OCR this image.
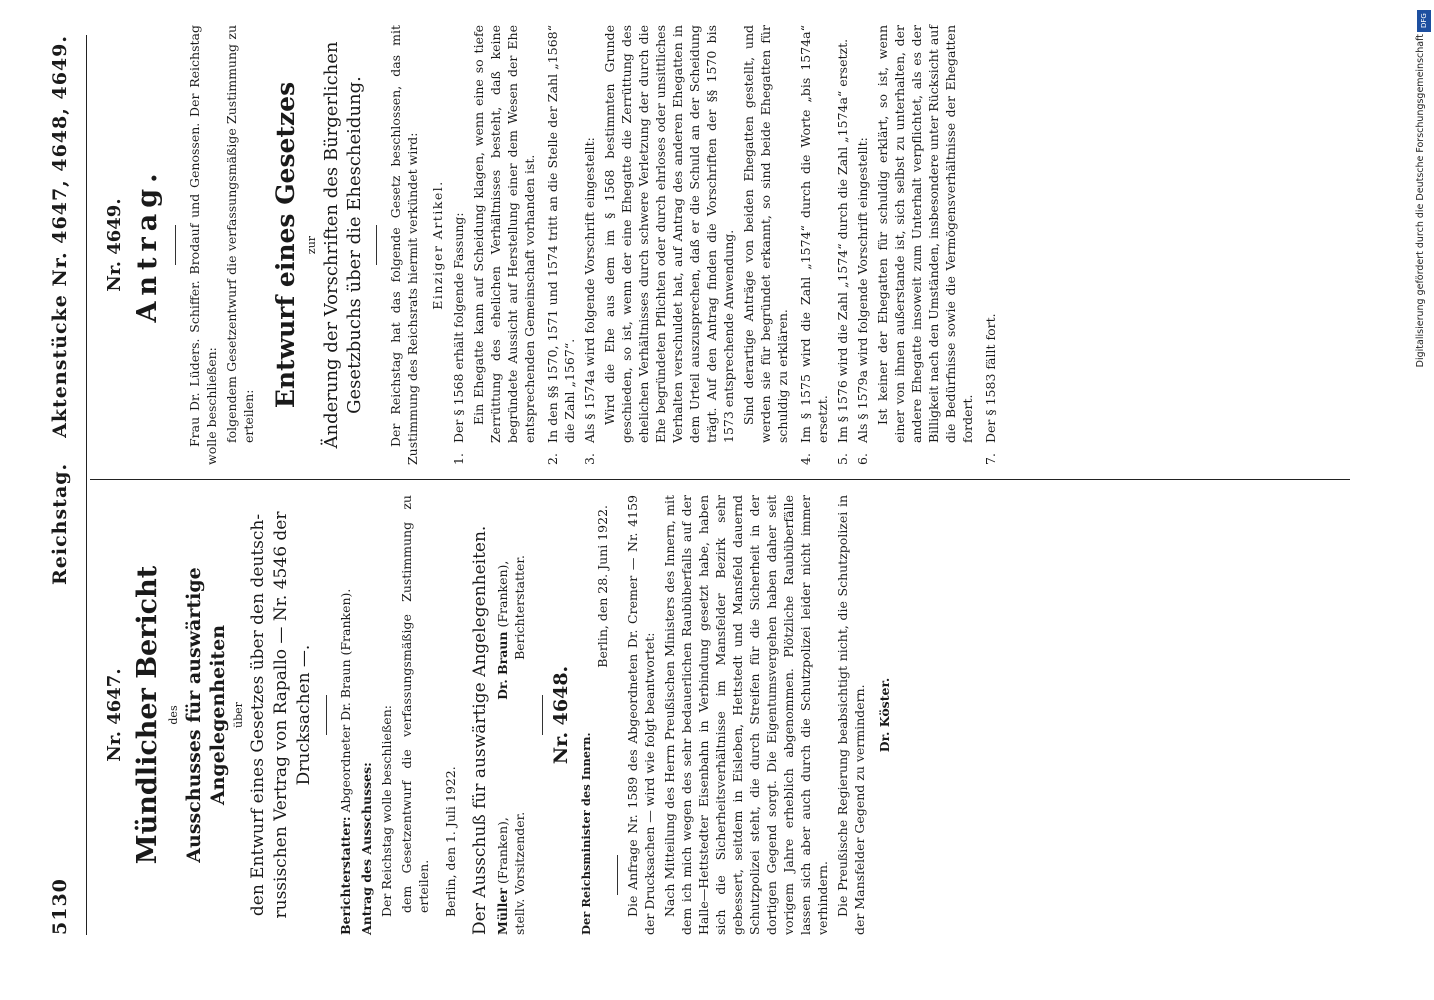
5130
Reichstag.
Aktenstücke Nr. 4647, 4648, 4649.
Nr. 4647. Mündlicher Bericht des Ausschusses für auswärtige Angelegenheiten über den Entwurf eines Gesetzes über den deutsch-russischen Vertrag von Rapallo — Nr. 4546 der Drucksachen —.
Berichterstatter: Abgeordneter Dr. Braun (Franken).
Antrag des Ausschusses: Der Reichstag wolle beschließen: dem Gesetzentwurf die verfassungsmäßige Zustimmung zu erteilen. Berlin, den 1. Juli 1922. Der Ausschuß für auswärtige Angelegenheiten. Müller (Franken), stellv. Vorsitzender.
Dr. Braun (Franken), Berichterstatter.
Nr. 4648.
Der Reichsminister des Innern.
Berlin, den 28. Juni 1922. Die Anfrage Nr. 1589 des Abgeordneten Dr. Cremer — Nr. 4159 der Drucksachen — wird wie folgt beantwortet: Nach Mitteilung des Herrn Preußischen Ministers des Innern, mit dem ich mich wegen des sehr bedauerlichen Raubüberfalls auf der Halle—Hettstedter Eisenbahn in Verbindung gesetzt habe, haben sich die Sicherheitsverhältnisse im Mansfelder Bezirk sehr gebessert, seitdem in Eisleben, Hettstedt und Mansfeld dauernd Schutzpolizei steht, die durch Streifen für die Sicherheit in der dortigen Gegend sorgt. Die Eigentumsvergehen haben daher seit vorigem Jahre erheblich abgenommen. Plötzliche Raubüberfälle lassen sich aber auch durch die Schutzpolizei leider nicht immer verhindern. Die Preußische Regierung beabsichtigt nicht, die Schutzpolizei in der Mansfelder Gegend zu vermindern. Dr. Köster.
Nr. 4649. Antrag. Frau Dr. Lüders. Schiffer. Brodauf und Genossen. Der Reichstag wolle beschließen: folgendem Gesetzentwurf die verfassungsmäßige Zustimmung zu erteilen:
Entwurf eines Gesetzes zur Änderung der Vorschriften des Bürgerlichen Gesetzbuchs über die Ehescheidung. Der Reichstag hat das folgende Gesetz beschlossen, das mit Zustimmung des Reichsrats hiermit verkündet wird: Einziger Artikel.
1.
Der § 1568 erhält folgende Fassung: Ein Ehegatte kann auf Scheidung klagen, wenn eine so tiefe Zerrüttung des ehelichen Verhältnisses besteht, daß keine begründete Aussicht auf Herstellung einer dem Wesen der Ehe entsprechenden Gemeinschaft vorhanden ist.
2.
In den §§ 1570, 1571 und 1574 tritt an die Stelle der Zahl „1568“ die Zahl „1567“.
3.
Als § 1574a wird folgende Vorschrift eingestellt: Wird die Ehe aus dem im § 1568 bestimmten Grunde geschieden, so ist, wenn der eine Ehegatte die Zerrüttung des ehelichen Verhältnisses durch schwere Verletzung der durch die Ehe begründeten Pflichten oder durch ehrloses oder unsittliches Verhalten verschuldet hat, auf Antrag des anderen Ehegatten in dem Urteil auszusprechen, daß er die Schuld an der Scheidung trägt. Auf den Antrag finden die Vorschriften der §§ 1570 bis 1573 entsprechende Anwendung. Sind derartige Anträge von beiden Ehegatten gestellt, und werden sie für begründet erkannt, so sind beide Ehegatten für schuldig zu erklären.
4.
Im § 1575 wird die Zahl „1574“ durch die Worte „bis 1574a“ ersetzt.
5.
Im § 1576 wird die Zahl „1574“ durch die Zahl „1574a“ ersetzt.
6.
Als § 1579a wird folgende Vorschrift eingestellt: Ist keiner der Ehegatten für schuldig erklärt, so ist, wenn einer von ihnen außerstande ist, sich selbst zu unterhalten, der andere Ehegatte insoweit zum Unterhalt verpflichtet, als es der Billigkeit nach den Umständen, insbesondere unter Rücksicht auf die Bedürfnisse sowie die Vermögensverhältnisse der Ehegatten fordert.
7.
Der § 1583 fällt fort.
DFG
Digitalisierung gefördert durch die Deutsche Forschungsgemeinschaft
